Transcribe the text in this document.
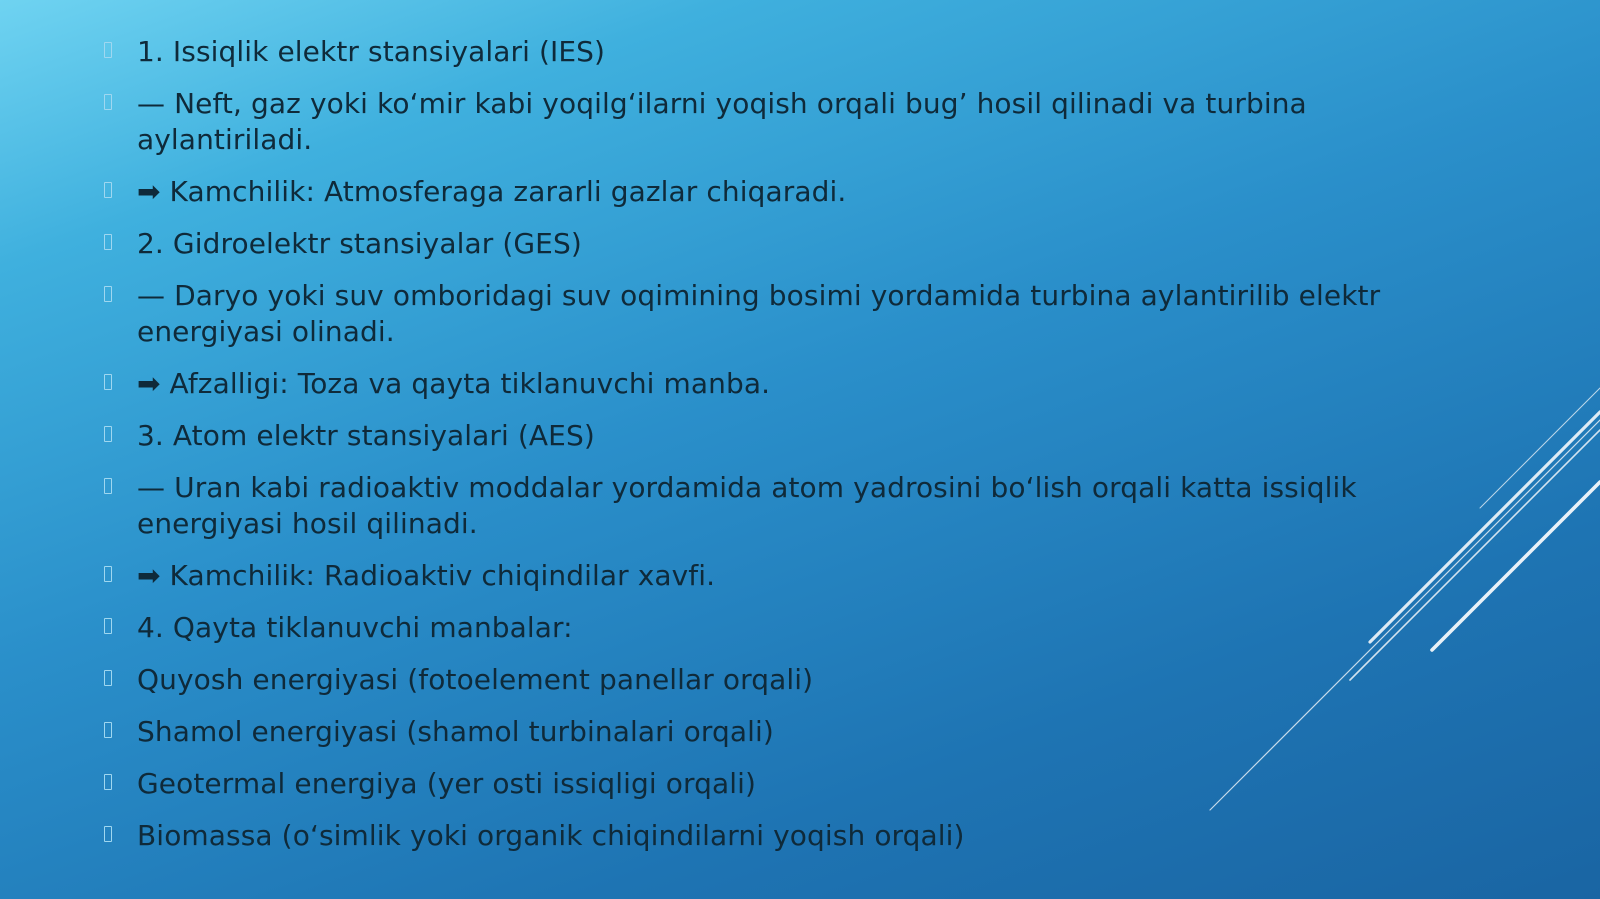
1. Issiqlik elektr stansiyalari (IES)
— Neft, gaz yoki ko‘mir kabi yoqilg‘ilarni yoqish orqali bug’ hosil qilinadi va turbina aylantiriladi.
➡ Kamchilik: Atmosferaga zararli gazlar chiqaradi.
2. Gidroelektr stansiyalar (GES)
— Daryo yoki suv omboridagi suv oqimining bosimi yordamida turbina aylantirilib elektr energiyasi olinadi.
➡ Afzalligi: Toza va qayta tiklanuvchi manba.
3. Atom elektr stansiyalari (AES)
— Uran kabi radioaktiv moddalar yordamida atom yadrosini bo‘lish orqali katta issiqlik energiyasi hosil qilinadi.
➡ Kamchilik: Radioaktiv chiqindilar xavfi.
4. Qayta tiklanuvchi manbalar:
Quyosh energiyasi (fotoelement panellar orqali)
Shamol energiyasi (shamol turbinalari orqali)
Geotermal energiya (yer osti issiqligi orqali)
Biomassa (o‘simlik yoki organik chiqindilarni yoqish orqali)
